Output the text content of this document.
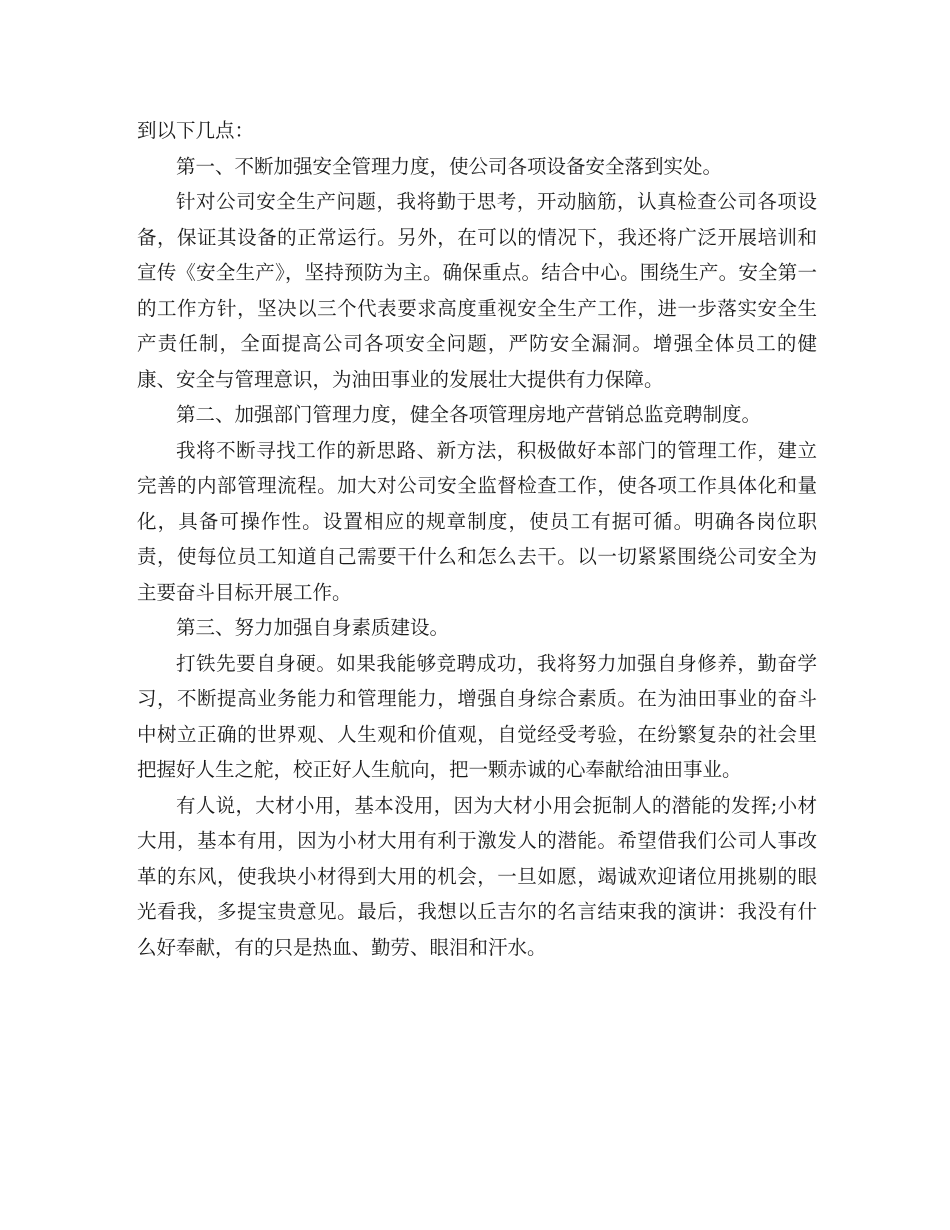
到以下几点：

第一、不断加强安全管理力度，使公司各项设备安全落到实处。

针对公司安全生产问题，我将勤于思考，开动脑筋，认真检查公司各项设备，保证其设备的正常运行。另外，在可以的情况下，我还将广泛开展培训和宣传《安全生产》，坚持预防为主。确保重点。结合中心。围绕生产。安全第一的工作方针，坚决以三个代表要求高度重视安全生产工作，进一步落实安全生产责任制，全面提高公司各项安全问题，严防安全漏洞。增强全体员工的健康、安全与管理意识，为油田事业的发展壮大提供有力保障。

第二、加强部门管理力度，健全各项管理房地产营销总监竞聘制度。

我将不断寻找工作的新思路、新方法，积极做好本部门的管理工作，建立完善的内部管理流程。加大对公司安全监督检查工作，使各项工作具体化和量化，具备可操作性。设置相应的规章制度，使员工有据可循。明确各岗位职责，使每位员工知道自己需要干什么和怎么去干。以一切紧紧围绕公司安全为主要奋斗目标开展工作。

第三、努力加强自身素质建设。

打铁先要自身硬。如果我能够竞聘成功，我将努力加强自身修养，勤奋学习，不断提高业务能力和管理能力，增强自身综合素质。在为油田事业的奋斗中树立正确的世界观、人生观和价值观，自觉经受考验，在纷繁复杂的社会里把握好人生之舵，校正好人生航向，把一颗赤诚的心奉献给油田事业。

有人说，大材小用，基本没用，因为大材小用会扼制人的潜能的发挥;小材大用，基本有用，因为小材大用有利于激发人的潜能。希望借我们公司人事改革的东风，使我块小材得到大用的机会，一旦如愿，竭诚欢迎诸位用挑剔的眼光看我，多提宝贵意见。最后，我想以丘吉尔的名言结束我的演讲：我没有什么好奉献，有的只是热血、勤劳、眼泪和汗水。
